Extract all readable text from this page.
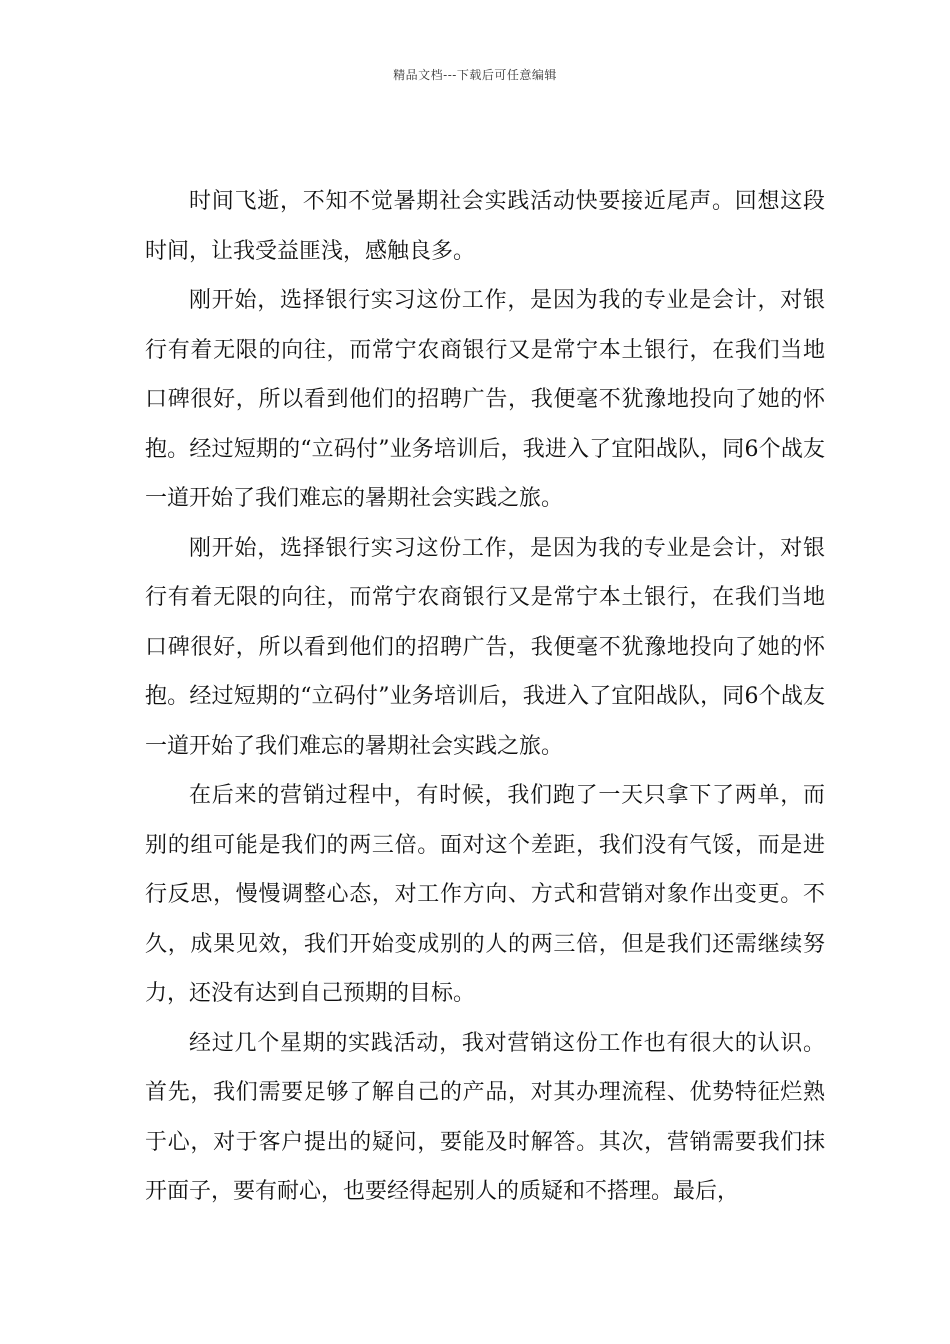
精品文档---下载后可任意编辑

时间飞逝，不知不觉暑期社会实践活动快要接近尾声。回想这段时间，让我受益匪浅，感触良多。

刚开始，选择银行实习这份工作，是因为我的专业是会计，对银行有着无限的向往，而常宁农商银行又是常宁本土银行，在我们当地口碑很好，所以看到他们的招聘广告，我便毫不犹豫地投向了她的怀抱。经过短期的“立码付”业务培训后，我进入了宜阳战队，同6个战友一道开始了我们难忘的暑期社会实践之旅。

刚开始，选择银行实习这份工作，是因为我的专业是会计，对银行有着无限的向往，而常宁农商银行又是常宁本土银行，在我们当地口碑很好，所以看到他们的招聘广告，我便毫不犹豫地投向了她的怀抱。经过短期的“立码付”业务培训后，我进入了宜阳战队，同6个战友一道开始了我们难忘的暑期社会实践之旅。

在后来的营销过程中，有时候，我们跑了一天只拿下了两单，而别的组可能是我们的两三倍。面对这个差距，我们没有气馁，而是进行反思，慢慢调整心态，对工作方向、方式和营销对象作出变更。不久，成果见效，我们开始变成别的人的两三倍，但是我们还需继续努力，还没有达到自己预期的目标。

经过几个星期的实践活动，我对营销这份工作也有很大的认识。首先，我们需要足够了解自己的产品，对其办理流程、优势特征烂熟于心，对于客户提出的疑问，要能及时解答。其次，营销需要我们抹开面子，要有耐心，也要经得起别人的质疑和不搭理。最后，
